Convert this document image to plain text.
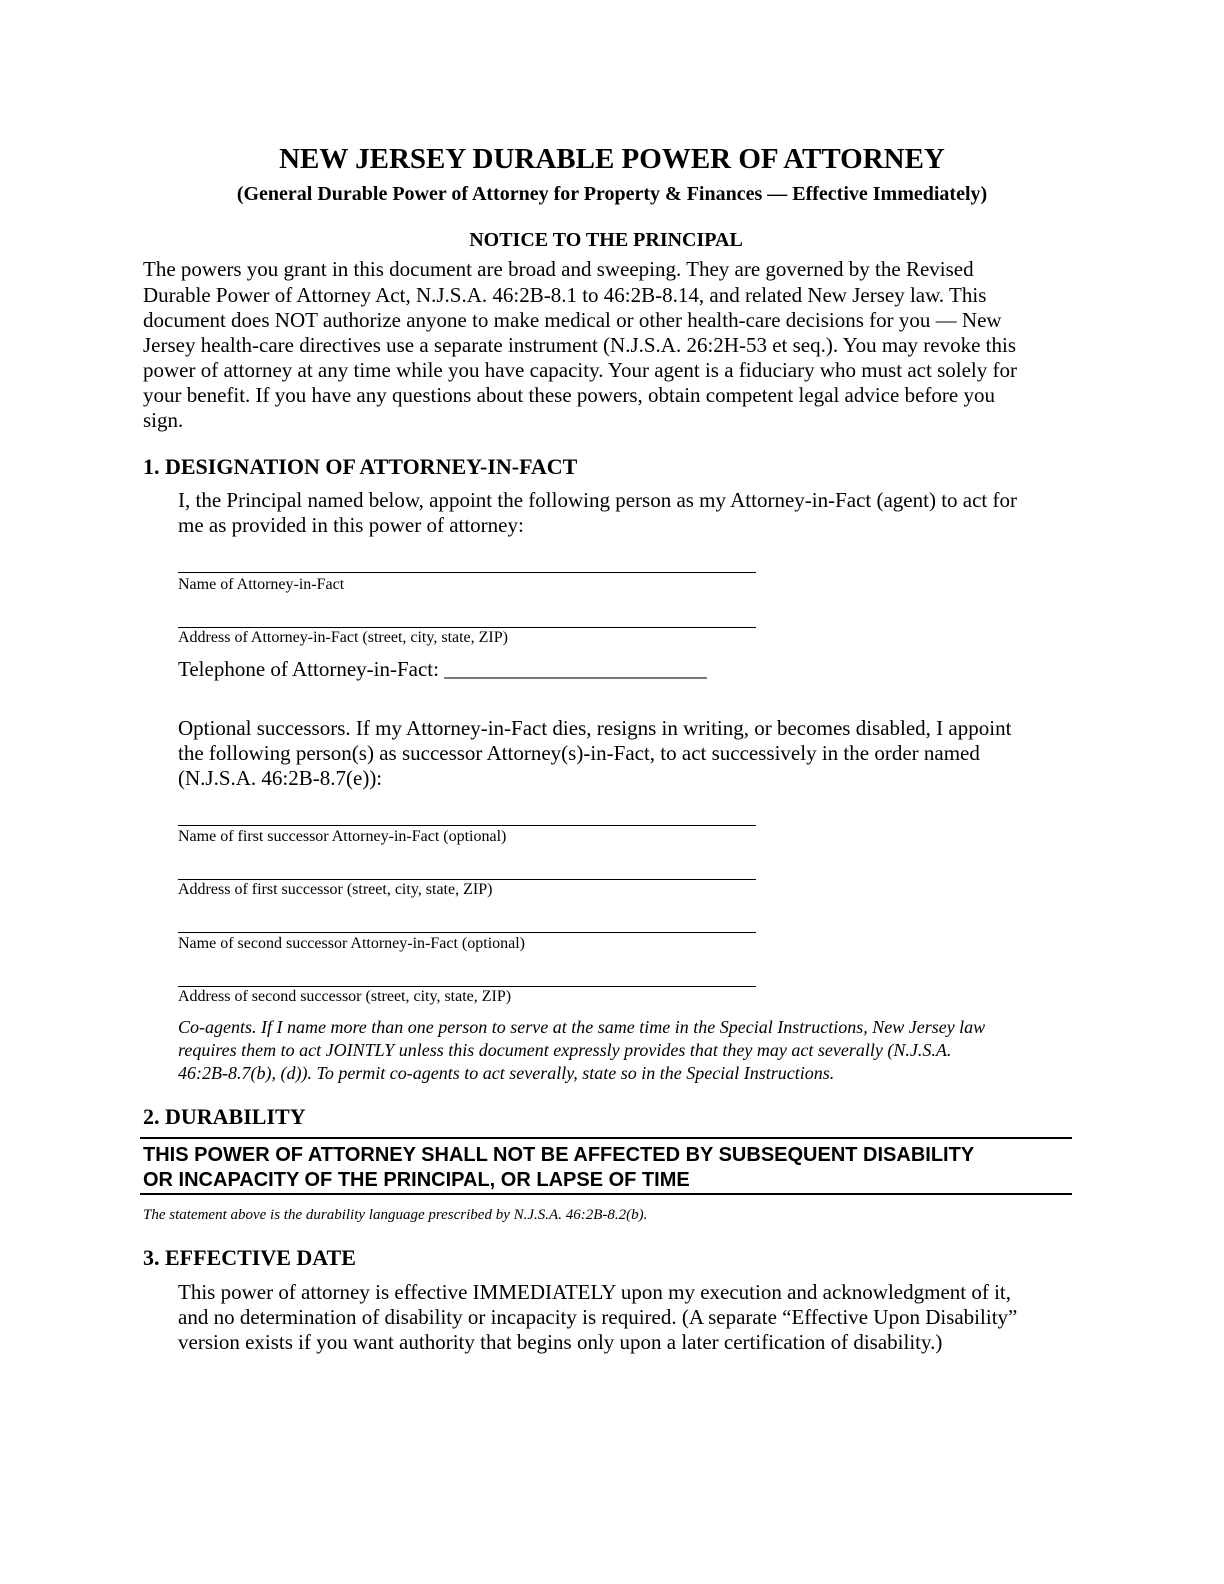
NEW JERSEY DURABLE POWER OF ATTORNEY
(General Durable Power of Attorney for Property & Finances — Effective Immediately)
NOTICE TO THE PRINCIPAL
The powers you grant in this document are broad and sweeping. They are governed by the Revised
Durable Power of Attorney Act, N.J.S.A. 46:2B-8.1 to 46:2B-8.14, and related New Jersey law. This
document does NOT authorize anyone to make medical or other health-care decisions for you — New
Jersey health-care directives use a separate instrument (N.J.S.A. 26:2H-53 et seq.). You may revoke this
power of attorney at any time while you have capacity. Your agent is a fiduciary who must act solely for
your benefit. If you have any questions about these powers, obtain competent legal advice before you
sign.
1. DESIGNATION OF ATTORNEY-IN-FACT
I, the Principal named below, appoint the following person as my Attorney-in-Fact (agent) to act for
me as provided in this power of attorney:
Name of Attorney-in-Fact
Address of Attorney-in-Fact (street, city, state, ZIP)
Telephone of Attorney-in-Fact: _________________________
Optional successors. If my Attorney-in-Fact dies, resigns in writing, or becomes disabled, I appoint
the following person(s) as successor Attorney(s)-in-Fact, to act successively in the order named
(N.J.S.A. 46:2B-8.7(e)):
Name of first successor Attorney-in-Fact (optional)
Address of first successor (street, city, state, ZIP)
Name of second successor Attorney-in-Fact (optional)
Address of second successor (street, city, state, ZIP)
Co-agents. If I name more than one person to serve at the same time in the Special Instructions, New Jersey law
requires them to act JOINTLY unless this document expressly provides that they may act severally (N.J.S.A.
46:2B-8.7(b), (d)). To permit co-agents to act severally, state so in the Special Instructions.
2. DURABILITY
THIS POWER OF ATTORNEY SHALL NOT BE AFFECTED BY SUBSEQUENT DISABILITY
OR INCAPACITY OF THE PRINCIPAL, OR LAPSE OF TIME
The statement above is the durability language prescribed by N.J.S.A. 46:2B-8.2(b).
3. EFFECTIVE DATE
This power of attorney is effective IMMEDIATELY upon my execution and acknowledgment of it,
and no determination of disability or incapacity is required. (A separate “Effective Upon Disability”
version exists if you want authority that begins only upon a later certification of disability.)
